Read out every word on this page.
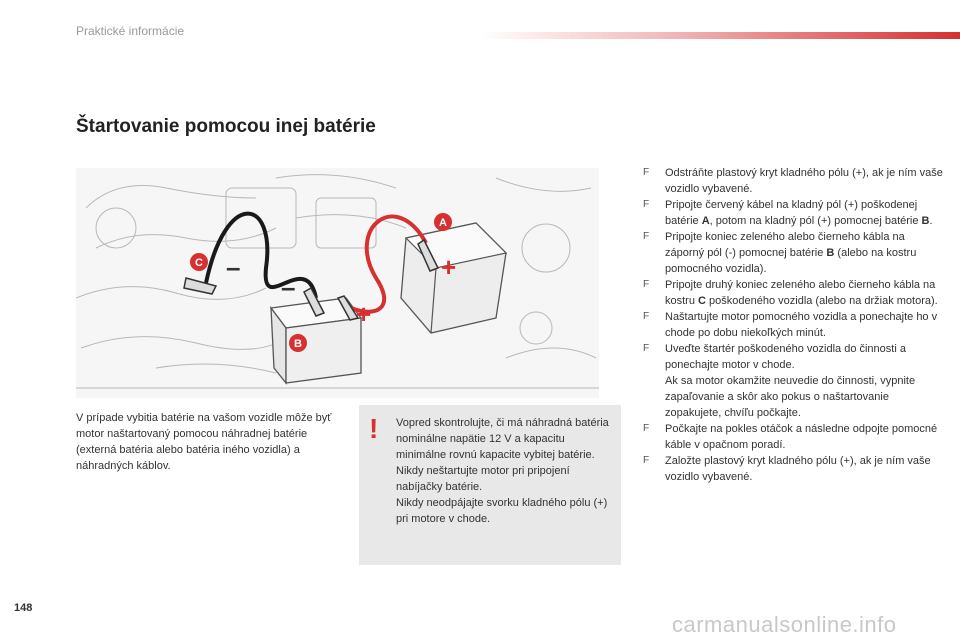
Praktické informácie
Štartovanie pomocou inej batérie
+
+
–
–
A
B
C
V prípade vybitia batérie na vašom vozidle môže byť motor naštartovaný pomocou náhradnej batérie (externá batéria alebo batéria iného vozidla) a náhradných káblov.
! Vopred skontrolujte, či má náhradná batéria nominálne napätie 12 V a kapacitu minimálne rovnú kapacite vybitej batérie.

Nikdy neštartujte motor pri pripojení nabíjačky batérie.

Nikdy neodpájajte svorku kladného pólu (+) pri motore v chode.

F Odstráňte plastový kryt kladného pólu (+), ak je ním vaše vozidlo vybavené.
F Pripojte červený kábel na kladný pól (+) poškodenej batérie A, potom na kladný pól (+) pomocnej batérie B.
F Pripojte koniec zeleného alebo čierneho kábla na záporný pól (-) pomocnej batérie B (alebo na kostru pomocného vozidla).
F Pripojte druhý koniec zeleného alebo čierneho kábla na kostru C poškodeného vozidla (alebo na držiak motora).
F Naštartujte motor pomocného vozidla a ponechajte ho v chode po dobu niekoľkých minút.
F Uveďte štartér poškodeného vozidla do činnosti a ponechajte motor v chode.

Ak sa motor okamžite neuvedie do činnosti, vypnite zapaľovanie a skôr ako pokus o naštartovanie zopakujete, chvíľu počkajte.

F Počkajte na pokles otáčok a následne odpojte pomocné káble v opačnom poradí.
F Založte plastový kryt kladného pólu (+), ak je ním vaše vozidlo vybavené.
148
carmanualsonline.info
